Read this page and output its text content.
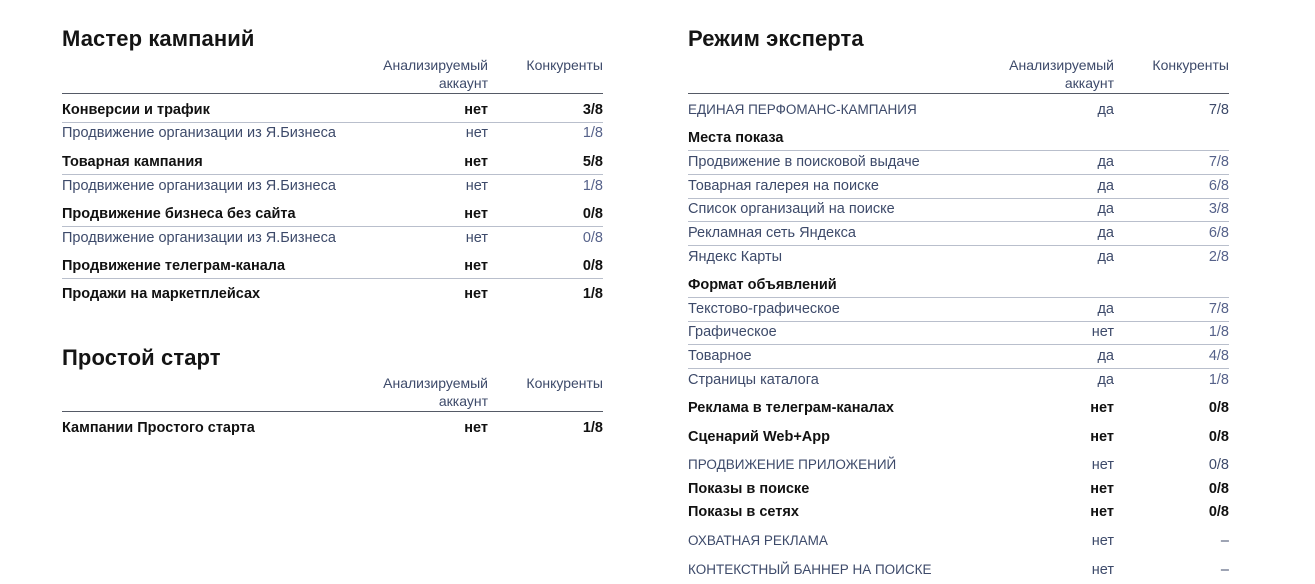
Мастер кампаний
Анализируемый аккаунт
Конкуренты
Конверсии и трафик	нет	3/8
Продвижение организации из Я.Бизнеса	нет	1/8
Товарная кампания	нет	5/8
Продвижение организации из Я.Бизнеса	нет	1/8
Продвижение бизнеса без сайта	нет	0/8
Продвижение организации из Я.Бизнеса	нет	0/8
Продвижение телеграм-канала	нет	0/8
Продажи на маркетплейсах	нет	1/8
Простой старт
Анализируемый аккаунт
Конкуренты
Кампании Простого старта	нет	1/8
Режим эксперта
Анализируемый аккаунт
Конкуренты
ЕДИНАЯ ПЕРФОМАНС-КАМПАНИЯ	да	7/8
Места показа
Продвижение в поисковой выдаче	да	7/8
Товарная галерея на поиске	да	6/8
Список организаций на поиске	да	3/8
Рекламная сеть Яндекса	да	6/8
Яндекс Карты	да	2/8
Формат объявлений
Текстово-графическое	да	7/8
Графическое	нет	1/8
Товарное	да	4/8
Страницы каталога	да	1/8
Реклама в телеграм-каналах	нет	0/8
Сценарий Web+App	нет	0/8
ПРОДВИЖЕНИЕ ПРИЛОЖЕНИЙ	нет	0/8
Показы в поиске	нет	0/8
Показы в сетях	нет	0/8
ОХВАТНАЯ РЕКЛАМА	нет	–
КОНТЕКСТНЫЙ БАННЕР НА ПОИСКЕ	нет	–
